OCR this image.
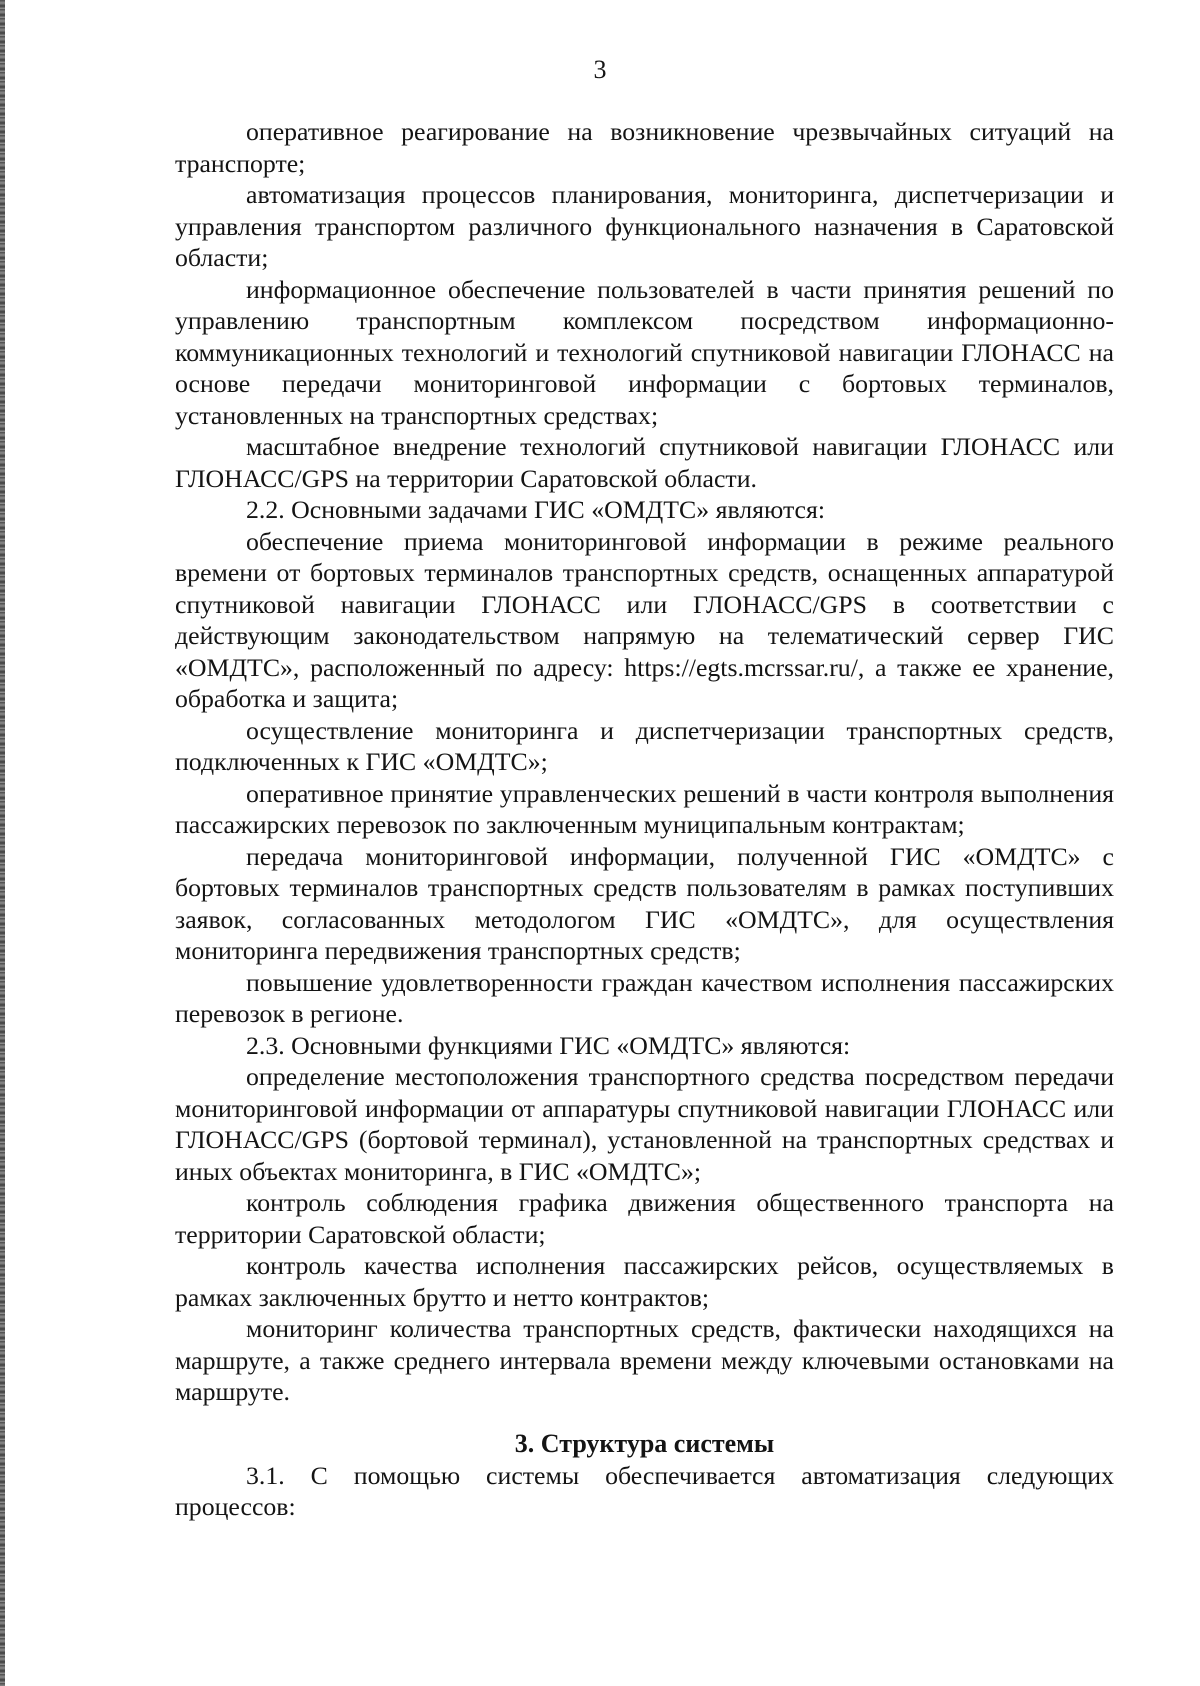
3

оперативное реагирование на возникновение чрезвычайных ситуаций на транспорте;

автоматизация процессов планирования, мониторинга, диспетчеризации и управления транспортом различного функционального назначения в Саратовской области;

информационное обеспечение пользователей в части принятия решений по управлению транспортным комплексом посредством информационно-коммуникационных технологий и технологий спутниковой навигации ГЛОНАСС на основе передачи мониторинговой информации с бортовых терминалов, установленных на транспортных средствах;

масштабное внедрение технологий спутниковой навигации ГЛОНАСС или ГЛОНАСС/GPS на территории Саратовской области.

2.2. Основными задачами ГИС «ОМДТС» являются:

обеспечение приема мониторинговой информации в режиме реального времени от бортовых терминалов транспортных средств, оснащенных аппаратурой спутниковой навигации ГЛОНАСС или ГЛОНАСС/GPS в соответствии с действующим законодательством напрямую на телематический сервер ГИС «ОМДТС», расположенный по адресу: https://egts.mcrssar.ru/, а также ее хранение, обработка и защита;

осуществление мониторинга и диспетчеризации транспортных средств, подключенных к ГИС «ОМДТС»;

оперативное принятие управленческих решений в части контроля выполнения пассажирских перевозок по заключенным муниципальным контрактам;

передача мониторинговой информации, полученной ГИС «ОМДТС» с бортовых терминалов транспортных средств пользователям в рамках поступивших заявок, согласованных методологом ГИС «ОМДТС», для осуществления мониторинга передвижения транспортных средств;

повышение удовлетворенности граждан качеством исполнения пассажирских перевозок в регионе.

2.3. Основными функциями ГИС «ОМДТС» являются:

определение местоположения транспортного средства посредством передачи мониторинговой информации от аппаратуры спутниковой навигации ГЛОНАСС или ГЛОНАСС/GPS (бортовой терминал), установленной на транспортных средствах и иных объектах мониторинга, в ГИС «ОМДТС»;

контроль соблюдения графика движения общественного транспорта на территории Саратовской области;

контроль качества исполнения пассажирских рейсов, осуществляемых в рамках заключенных брутто и нетто контрактов;

мониторинг количества транспортных средств, фактически находящихся на маршруте, а также среднего интервала времени между ключевыми остановками на маршруте.

3. Структура системы

3.1. С помощью системы обеспечивается автоматизация следующих процессов:
